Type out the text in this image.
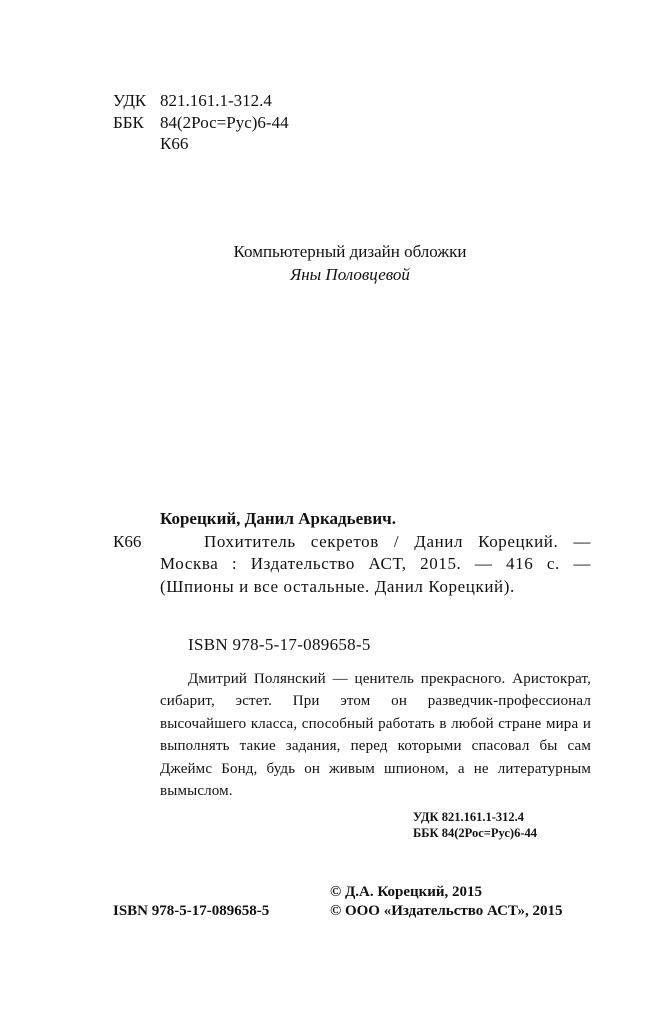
УДК 821.161.1-312.4
ББК 84(2Рос=Рус)6-44
К66
Компьютерный дизайн обложки
Яны Половцевой
Корецкий, Данил Аркадьевич.
К66	Похититель секретов / Данил Корецкий. — Москва : Издательство АСТ, 2015. — 416 с. — (Шпионы и все остальные. Данил Корецкий).
ISBN 978-5-17-089658-5
Дмитрий Полянский — ценитель прекрасного. Аристократ, сибарит, эстет. При этом он разведчик-профессионал высочайшего класса, способный работать в любой стране мира и выполнять такие задания, перед которыми спасовал бы сам Джеймс Бонд, будь он живым шпионом, а не литературным вымыслом.
УДК 821.161.1-312.4
ББК 84(2Рос=Рус)6-44
© Д.А. Корецкий, 2015
© ООО «Издательство АСТ», 2015
ISBN 978-5-17-089658-5
